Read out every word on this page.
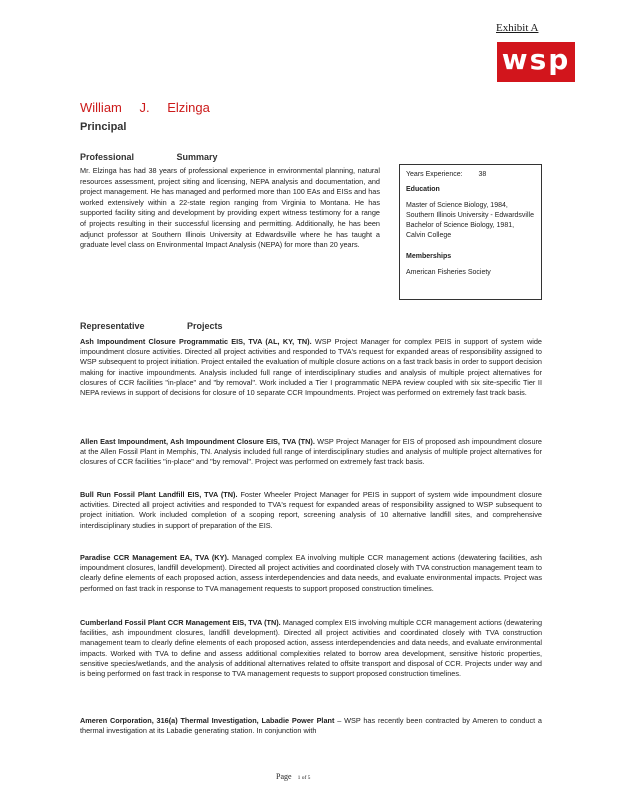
Exhibit A
wsp
William J. Elzinga
Principal
Professional Summary
Mr. Elzinga has had 38 years of professional experience in environmental planning, natural resources assessment, project siting and licensing, NEPA analysis and documentation, and project management. He has managed and performed more than 100 EAs and EISs and has worked extensively within a 22-state region ranging from Virginia to Montana. He has supported facility siting and development by providing expert witness testimony for a range of projects resulting in their successful licensing and permitting. Additionally, he has been adjunct professor at Southern Illinois University at Edwardsville where he has taught a graduate level class on Environmental Impact Analysis (NEPA) for more than 20 years.
Years Experience: 38
Education
Master of Science Biology, 1984, Southern Illinois University - Edwardsville
Bachelor of Science Biology, 1981, Calvin College
Memberships
American Fisheries Society
Representative Projects
Ash Impoundment Closure Programmatic EIS, TVA (AL, KY, TN). WSP Project Manager for complex PEIS in support of system wide impoundment closure activities. Directed all project activities and responded to TVA's request for expanded areas of responsibility assigned to WSP subsequent to project initiation. Project entailed the evaluation of multiple closure actions on a fast track basis in order to support decision making for inactive impoundments. Analysis included full range of interdisciplinary studies and analysis of multiple project alternatives for closures of CCR facilities "in-place" and "by removal". Work included a Tier I programmatic NEPA review coupled with six site-specific Tier II NEPA reviews in support of decisions for closure of 10 separate CCR Impoundments. Project was performed on extremely fast track basis.
Allen East Impoundment, Ash Impoundment Closure EIS, TVA (TN). WSP Project Manager for EIS of proposed ash impoundment closure at the Allen Fossil Plant in Memphis, TN. Analysis included full range of interdisciplinary studies and analysis of multiple project alternatives for closures of CCR facilities "in-place" and "by removal". Project was performed on extremely fast track basis.
Bull Run Fossil Plant Landfill EIS, TVA (TN). Foster Wheeler Project Manager for PEIS in support of system wide impoundment closure activities. Directed all project activities and responded to TVA's request for expanded areas of responsibility assigned to WSP subsequent to project initiation. Work included completion of a scoping report, screening analysis of 10 alternative landfill sites, and comprehensive interdisciplinary studies in support of preparation of the EIS.
Paradise CCR Management EA, TVA (KY). Managed complex EA involving multiple CCR management actions (dewatering facilities, ash impoundment closures, landfill development). Directed all project activities and coordinated closely with TVA construction management team to clearly define elements of each proposed action, assess interdependencies and data needs, and evaluate environmental impacts. Project was performed on fast track in response to TVA management requests to support proposed construction timelines.
Cumberland Fossil Plant CCR Management EIS, TVA (TN). Managed complex EIS involving multiple CCR management actions (dewatering facilities, ash impoundment closures, landfill development). Directed all project activities and coordinated closely with TVA construction management team to clearly define elements of each proposed action, assess interdependencies and data needs, and evaluate environmental impacts. Worked with TVA to define and assess additional complexities related to borrow area development, sensitive historic properties, sensitive species/wetlands, and the analysis of additional alternatives related to offsite transport and disposal of CCR. Projects under way and is being performed on fast track in response to TVA management requests to support proposed construction timelines.
Ameren Corporation, 316(a) Thermal Investigation, Labadie Power Plant – WSP has recently been contracted by Ameren to conduct a thermal investigation at its Labadie generating station. In conjunction with
Page 1 of 5
